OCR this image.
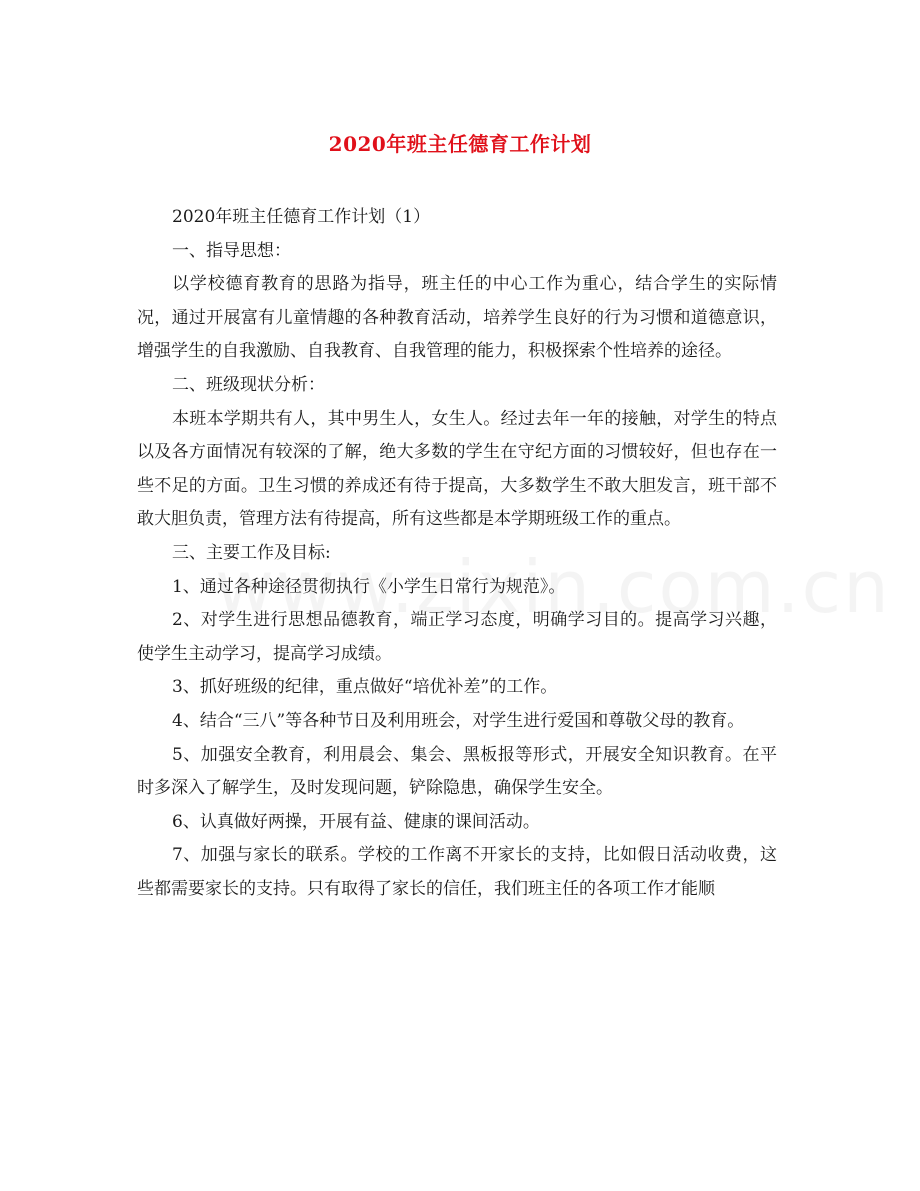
2020年班主任德育工作计划

2020年班主任德育工作计划（1）

一、指导思想：

以学校德育教育的思路为指导，班主任的中心工作为重心，结合学生的实际情况，通过开展富有儿童情趣的各种教育活动，培养学生良好的行为习惯和道德意识，增强学生的自我激励、自我教育、自我管理的能力，积极探索个性培养的途径。

二、班级现状分析：

本班本学期共有人，其中男生人，女生人。经过去年一年的接触，对学生的特点以及各方面情况有较深的了解，绝大多数的学生在守纪方面的习惯较好，但也存在一些不足的方面。卫生习惯的养成还有待于提高，大多数学生不敢大胆发言，班干部不敢大胆负责，管理方法有待提高，所有这些都是本学期班级工作的重点。

三、主要工作及目标:

1、通过各种途径贯彻执行《小学生日常行为规范》。

2、对学生进行思想品德教育，端正学习态度，明确学习目的。提高学习兴趣，使学生主动学习，提高学习成绩。

3、抓好班级的纪律，重点做好“培优补差”的工作。

4、结合“三八”等各种节日及利用班会，对学生进行爱国和尊敬父母的教育。

5、加强安全教育，利用晨会、集会、黑板报等形式，开展安全知识教育。在平时多深入了解学生，及时发现问题，铲除隐患，确保学生安全。

6、认真做好两操，开展有益、健康的课间活动。

7、加强与家长的联系。学校的工作离不开家长的支持，比如假日活动收费，这些都需要家长的支持。只有取得了家长的信任，我们班主任的各项工作才能顺
